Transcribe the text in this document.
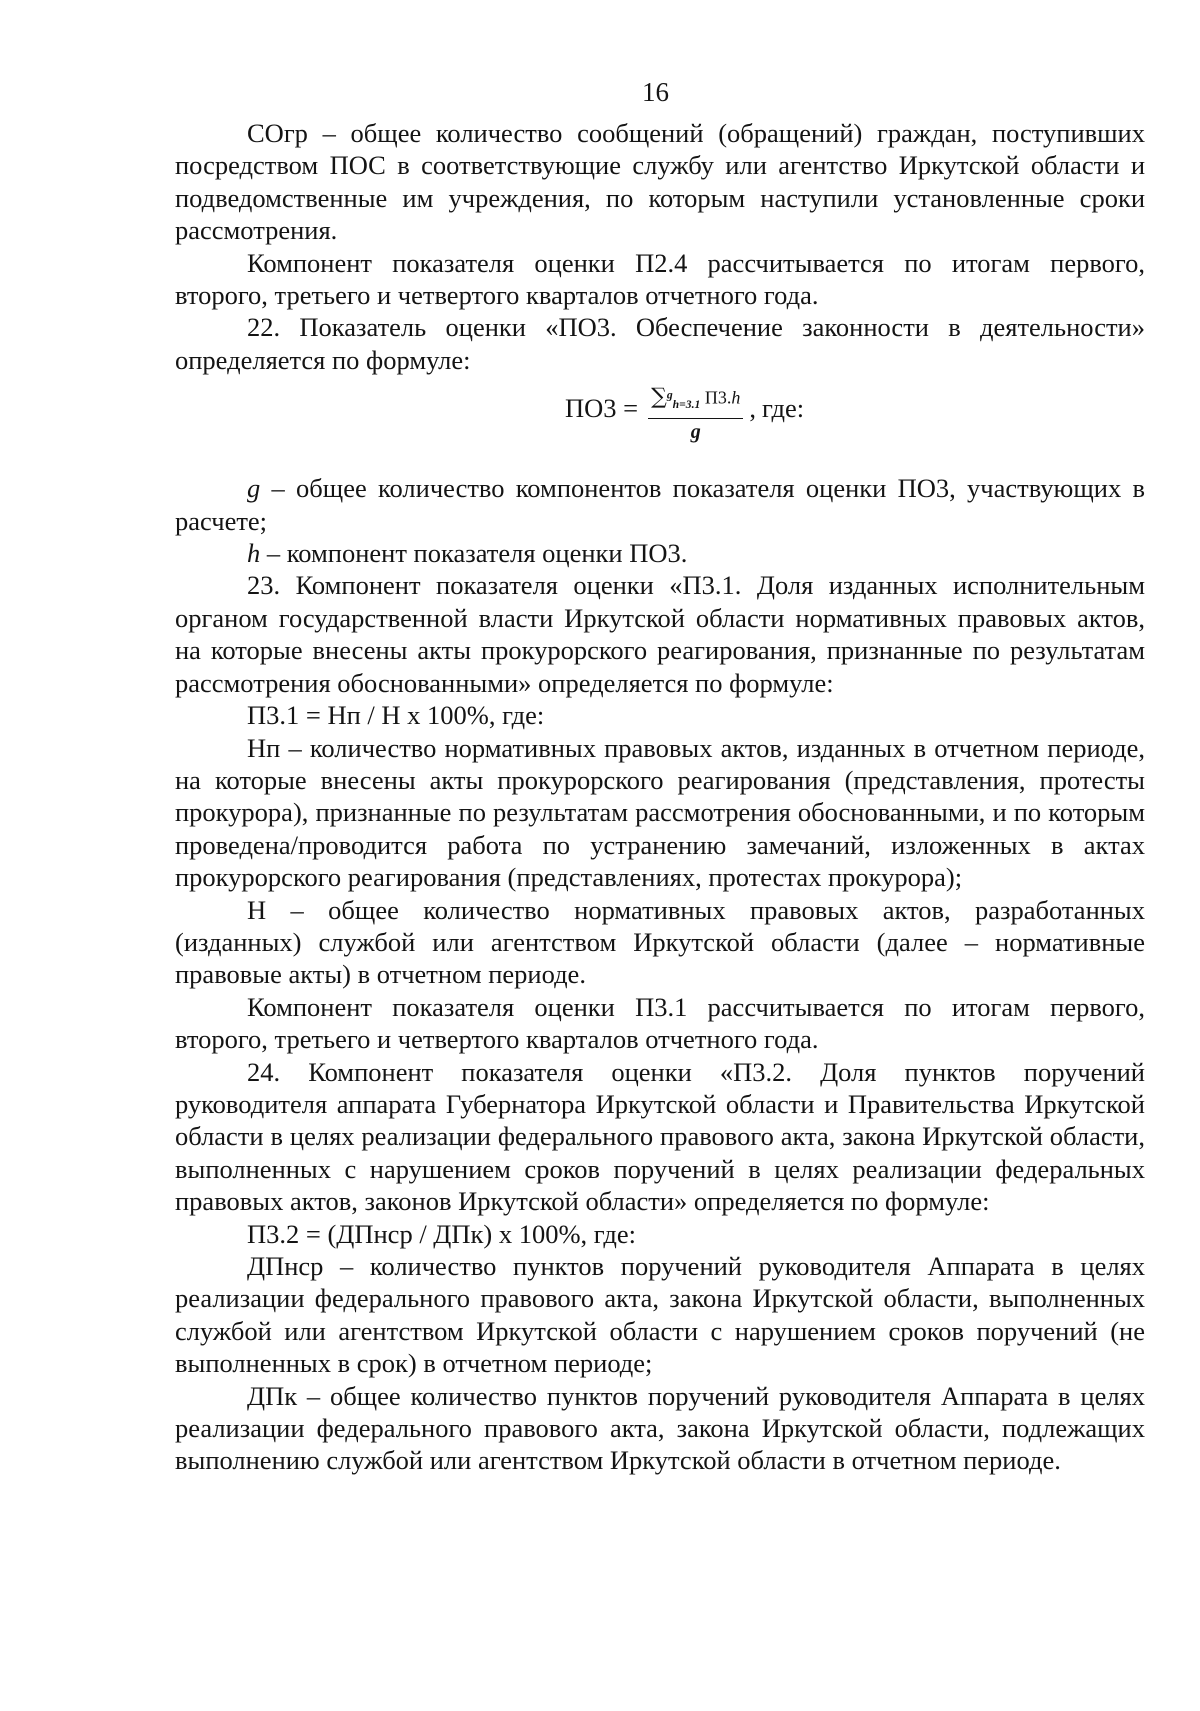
16

СОгр – общее количество сообщений (обращений) граждан, поступивших посредством ПОС в соответствующие службу или агентство Иркутской области и подведомственные им учреждения, по которым наступили установленные сроки рассмотрения.

Компонент показателя оценки П2.4 рассчитывается по итогам первого, второго, третьего и четвертого кварталов отчетного года.

22. Показатель оценки «ПО3. Обеспечение законности в деятельности» определяется по формуле:

$ПО3 = \frac{\sum^g_{h=3.1} П3.h}{g}$ , где:

g – общее количество компонентов показателя оценки ПО3, участвующих в расчете;

h – компонент показателя оценки ПО3.

23. Компонент показателя оценки «П3.1. Доля изданных исполнительным органом государственной власти Иркутской области нормативных правовых актов, на которые внесены акты прокурорского реагирования, признанные по результатам рассмотрения обоснованными» определяется по формуле:

П3.1 = Нп / Н х 100%, где:

Нп – количество нормативных правовых актов, изданных в отчетном периоде, на которые внесены акты прокурорского реагирования (представления, протесты прокурора), признанные по результатам рассмотрения обоснованными, и по которым проведена/проводится работа по устранению замечаний, изложенных в актах прокурорского реагирования (представлениях, протестах прокурора);

Н – общее количество нормативных правовых актов, разработанных (изданных) службой или агентством Иркутской области (далее – нормативные правовые акты) в отчетном периоде.

Компонент показателя оценки П3.1 рассчитывается по итогам первого, второго, третьего и четвертого кварталов отчетного года.

24. Компонент показателя оценки «П3.2. Доля пунктов поручений руководителя аппарата Губернатора Иркутской области и Правительства Иркутской области в целях реализации федерального правового акта, закона Иркутской области, выполненных с нарушением сроков поручений в целях реализации федеральных правовых актов, законов Иркутской области» определяется по формуле:

П3.2 = (ДПнср / ДПк) х 100%, где:

ДПнср – количество пунктов поручений руководителя Аппарата в целях реализации федерального правового акта, закона Иркутской области, выполненных службой или агентством Иркутской области с нарушением сроков поручений (не выполненных в срок) в отчетном периоде;

ДПк – общее количество пунктов поручений руководителя Аппарата в целях реализации федерального правового акта, закона Иркутской области, подлежащих выполнению службой или агентством Иркутской области в отчетном периоде.
